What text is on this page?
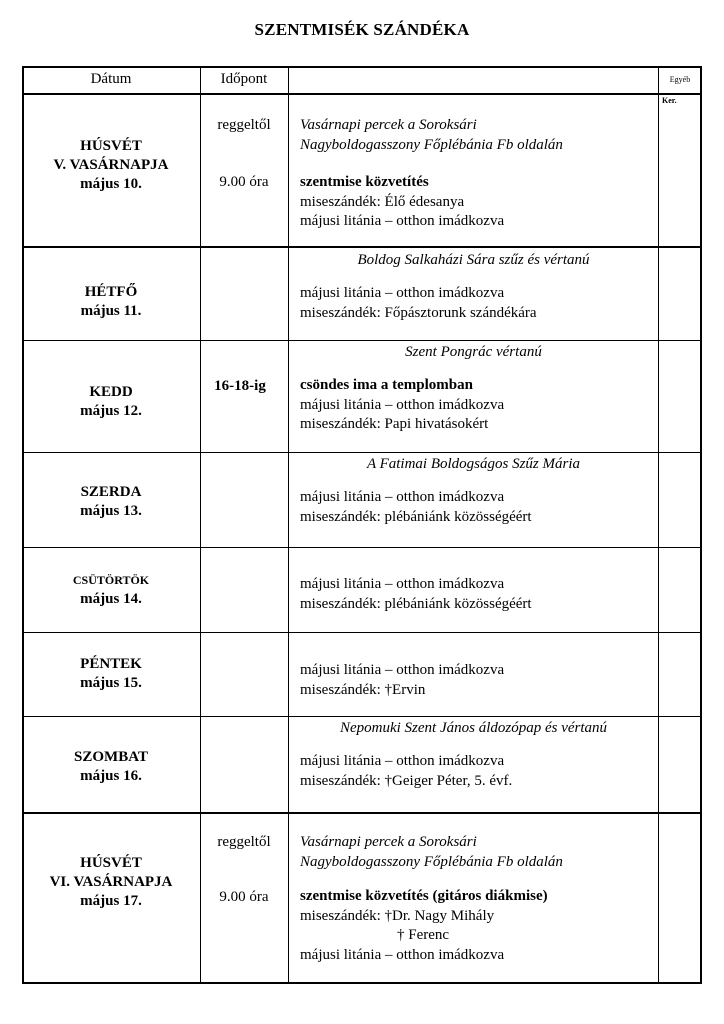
SZENTMISÉK SZÁNDÉKA
Dátum	Időpont	Egyéb
Ker.
HÚSVÉT
V. VASÁRNAPJA
május 10.
reggeltől
9.00 óra
Vasárnapi percek a Soroksári
Nagyboldogasszony Főplébánia Fb oldalán
szentmise közvetítés
miseszándék: Élő édesanya
májusi litánia – otthon imádkozva
Boldog Salkaházi Sára szűz és vértanú
HÉTFŐ
május 11.
májusi litánia – otthon imádkozva
miseszándék: Főpásztorunk szándékára
Szent Pongrác vértanú
16-18-ig
KEDD
május 12.
csöndes ima a templomban
májusi litánia – otthon imádkozva
miseszándék: Papi hivatásokért
A Fatimai Boldogságos Szűz Mária
SZERDA
május 13.
májusi litánia – otthon imádkozva
miseszándék: plébániánk közösségéért
CSÜTÖRTÖK
május 14.
májusi litánia – otthon imádkozva
miseszándék: plébániánk közösségéért
PÉNTEK
május 15.
májusi litánia – otthon imádkozva
miseszándék: †Ervin
Nepomuki Szent János áldozópap és vértanú
SZOMBAT
május 16.
májusi litánia – otthon imádkozva
miseszándék: †Geiger Péter, 5. évf.
HÚSVÉT
VI. VASÁRNAPJA
május 17.
reggeltől
9.00 óra
Vasárnapi percek a Soroksári
Nagyboldogasszony Főplébánia Fb oldalán
szentmise közvetítés (gitáros diákmise)
miseszándék: †Dr. Nagy Mihály
† Ferenc
májusi litánia – otthon imádkozva
